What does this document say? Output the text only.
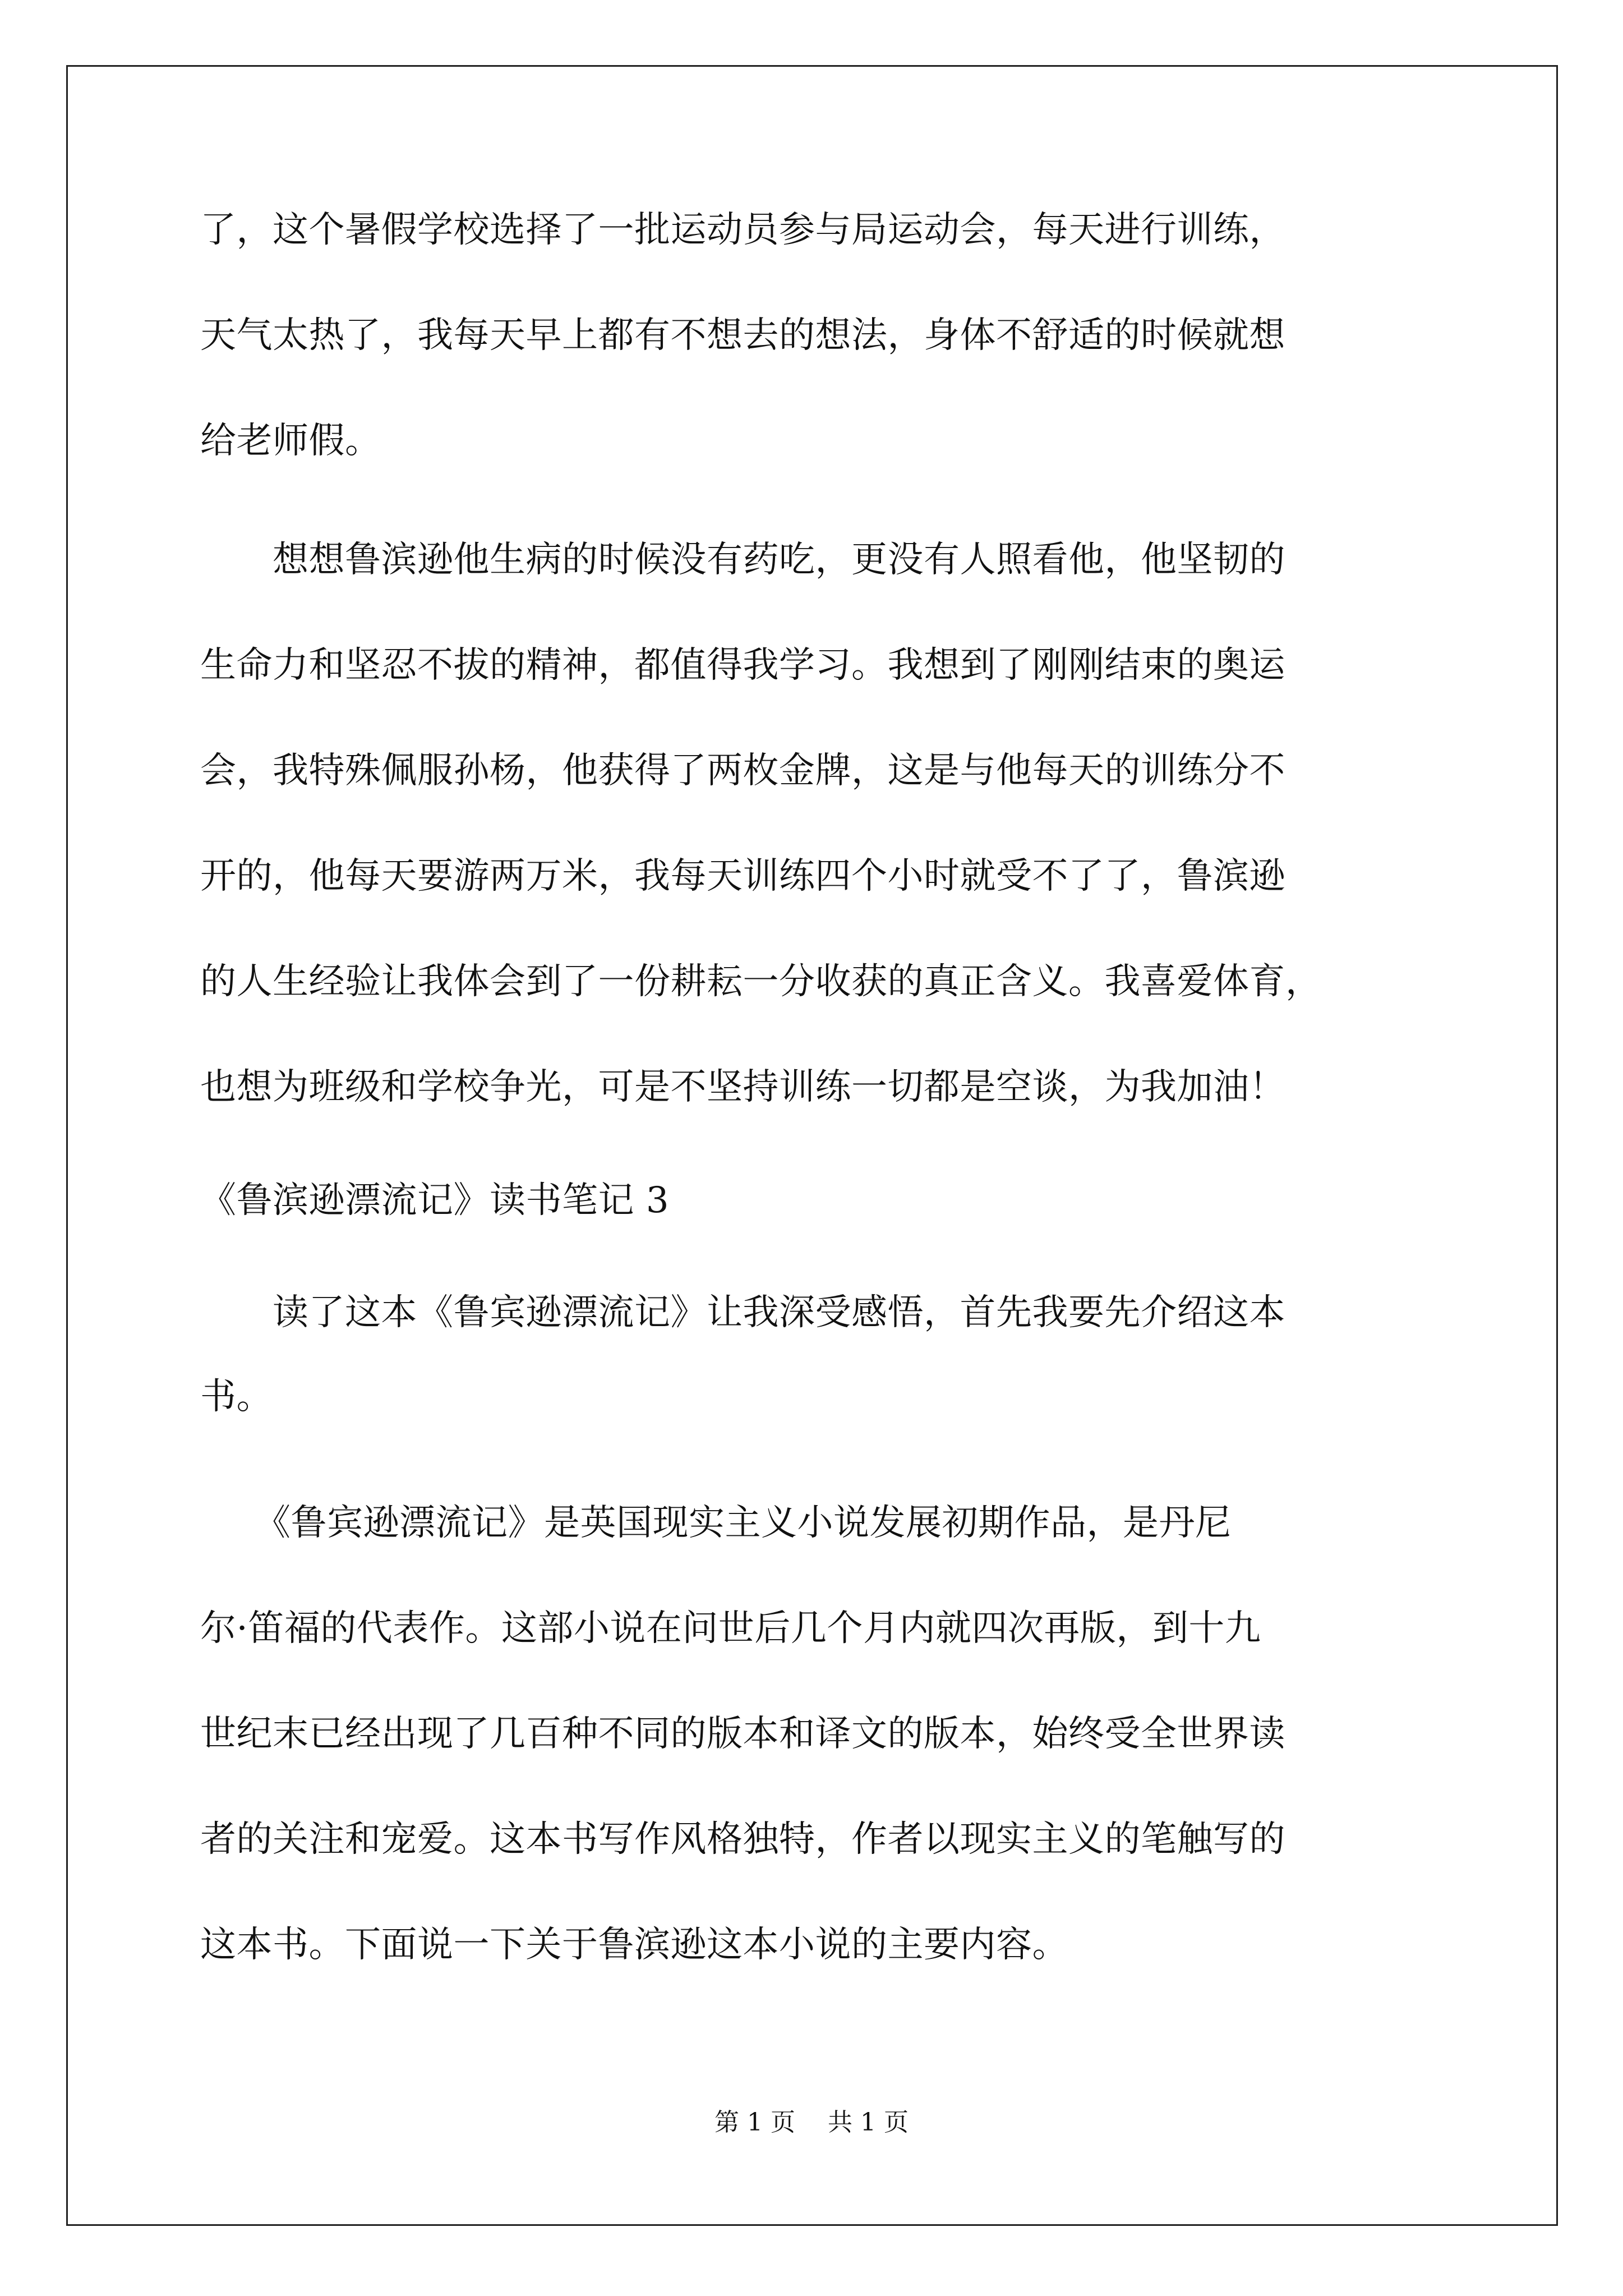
了，这个暑假学校选择了一批运动员参与局运动会，每天进行训练，
天气太热了，我每天早上都有不想去的想法，身体不舒适的时候就想
给老师假。
　　想想鲁滨逊他生病的时候没有药吃，更没有人照看他，他坚韧的
生命力和坚忍不拔的精神，都值得我学习。我想到了刚刚结束的奥运
会，我特殊佩服孙杨，他获得了两枚金牌，这是与他每天的训练分不
开的，他每天要游两万米，我每天训练四个小时就受不了了，鲁滨逊
的人生经验让我体会到了一份耕耘一分收获的真正含义。我喜爱体育，
也想为班级和学校争光，可是不坚持训练一切都是空谈，为我加油！
《鲁滨逊漂流记》读书笔记 3
　　读了这本《鲁宾逊漂流记》让我深受感悟，首先我要先介绍这本
书。
　　《鲁宾逊漂流记》是英国现实主义小说发展初期作品，是丹尼
尔·笛福的代表作。这部小说在问世后几个月内就四次再版，到十九
世纪末已经出现了几百种不同的版本和译文的版本，始终受全世界读
者的关注和宠爱。这本书写作风格独特，作者以现实主义的笔触写的
这本书。下面说一下关于鲁滨逊这本小说的主要内容。
第 1 页　 共 1 页
